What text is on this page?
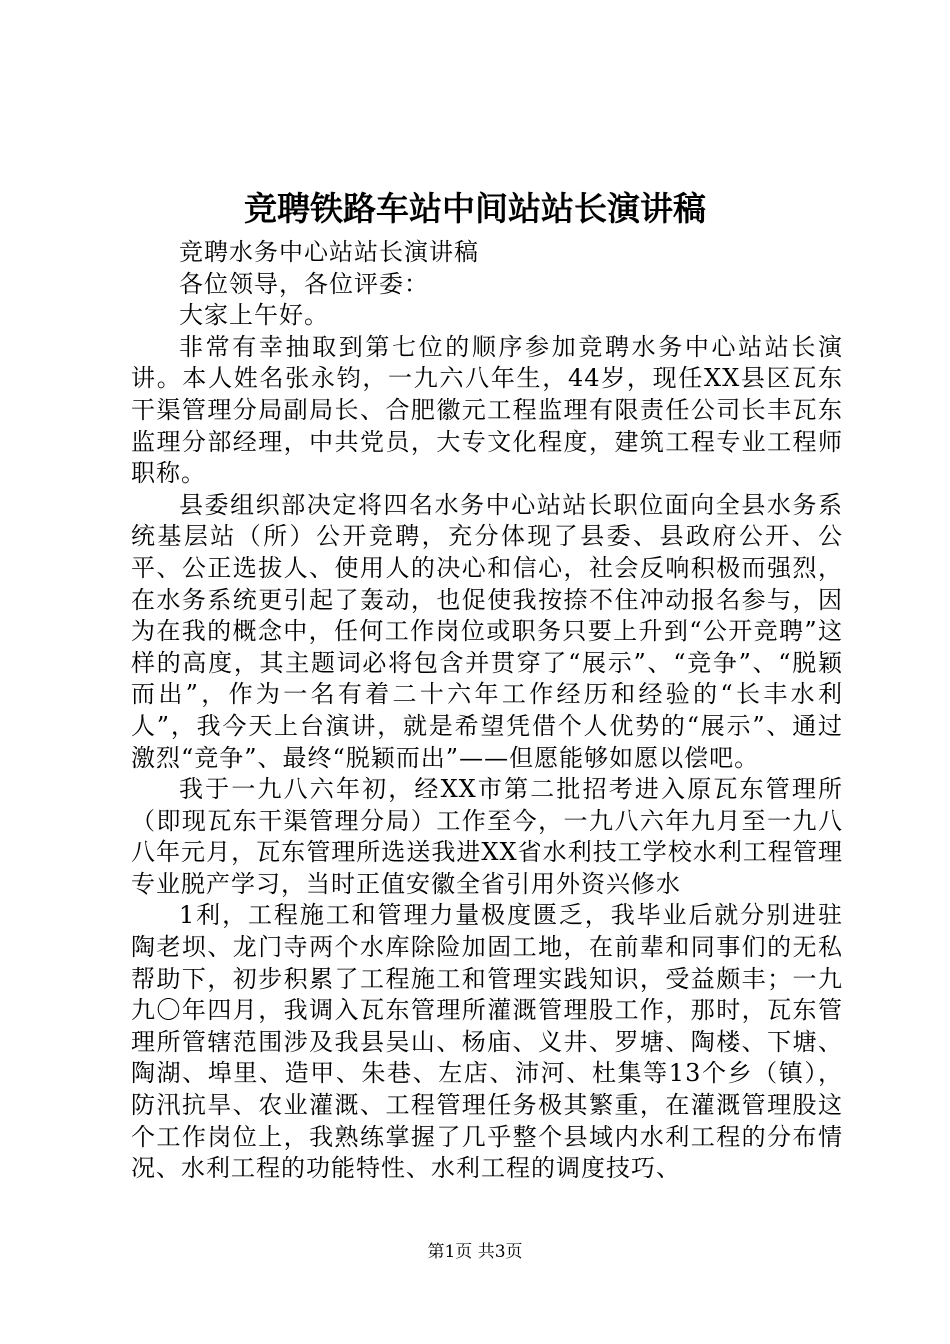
竞聘铁路车站中间站站长演讲稿

竞聘水务中心站站长演讲稿

各位领导，各位评委：

大家上午好。

非常有幸抽取到第七位的顺序参加竞聘水务中心站站长演讲。本人姓名张永钧，一九六八年生，44岁，现任XX县区瓦东干渠管理分局副局长、合肥徽元工程监理有限责任公司长丰瓦东监理分部经理，中共党员，大专文化程度，建筑工程专业工程师职称。

县委组织部决定将四名水务中心站站长职位面向全县水务系统基层站（所）公开竞聘，充分体现了县委、县政府公开、公平、公正选拔人、使用人的决心和信心，社会反响积极而强烈，在水务系统更引起了轰动，也促使我按捺不住冲动报名参与，因为在我的概念中，任何工作岗位或职务只要上升到“公开竞聘”这样的高度，其主题词必将包含并贯穿了“展示”、“竞争”、“脱颖而出”，作为一名有着二十六年工作经历和经验的“长丰水利人”，我今天上台演讲，就是希望凭借个人优势的“展示”、通过激烈“竞争”、最终“脱颖而出”——但愿能够如愿以偿吧。

我于一九八六年初，经XX市第二批招考进入原瓦东管理所（即现瓦东干渠管理分局）工作至今，一九八六年九月至一九八八年元月，瓦东管理所选送我进XX省水利技工学校水利工程管理专业脱产学习，当时正值安徽全省引用外资兴修水

1利，工程施工和管理力量极度匮乏，我毕业后就分别进驻陶老坝、龙门寺两个水库除险加固工地，在前辈和同事们的无私帮助下，初步积累了工程施工和管理实践知识，受益颇丰；一九九〇年四月，我调入瓦东管理所灌溉管理股工作，那时，瓦东管理所管辖范围涉及我县吴山、杨庙、义井、罗塘、陶楼、下塘、陶湖、埠里、造甲、朱巷、左店、沛河、杜集等13个乡（镇），防汛抗旱、农业灌溉、工程管理任务极其繁重，在灌溉管理股这个工作岗位上，我熟练掌握了几乎整个县域内水利工程的分布情况、水利工程的功能特性、水利工程的调度技巧、

第1页 共3页
